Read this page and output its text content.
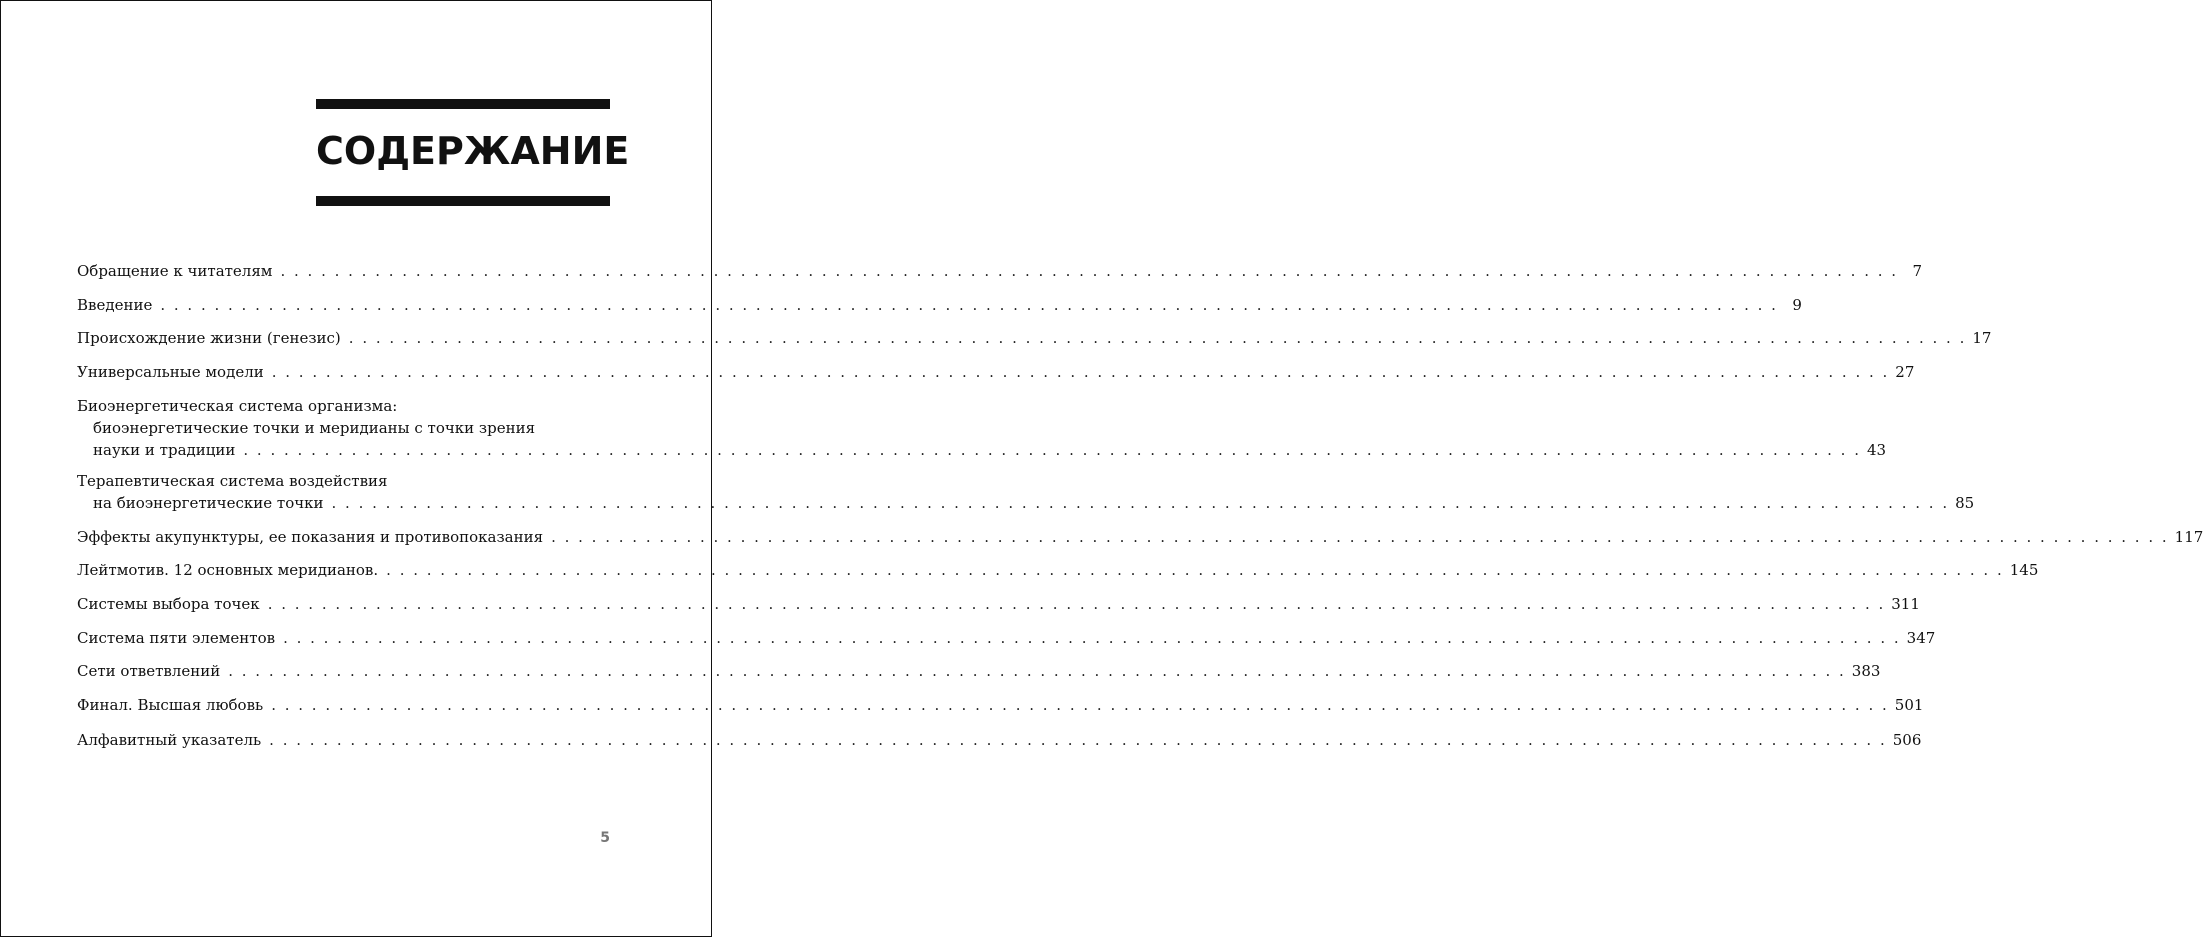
СОДЕРЖАНИЕ
Обращение к читателям . . . . . . . . . . . . . . . . . . . . . . . . . . . . . . . . . . . . . . . . . . . . . . . . . . . . . . . . . . . . . . . . . . . . . . . . . . . . . . . . . . . . . . . . . . . . . . . . . . . . . . . . . . . . . . . . . . . . . . . . 7
Введение . . . . . . . . . . . . . . . . . . . . . . . . . . . . . . . . . . . . . . . . . . . . . . . . . . . . . . . . . . . . . . . . . . . . . . . . . . . . . . . . . . . . . . . . . . . . . . . . . . . . . . . . . . . . . . . . . . . . . . . . 9
Происхождение жизни (генезис) . . . . . . . . . . . . . . . . . . . . . . . . . . . . . . . . . . . . . . . . . . . . . . . . . . . . . . . . . . . . . . . . . . . . . . . . . . . . . . . . . . . . . . . . . . . . . . . . . . . . . . . . . . . . . . . . . . . . . . . . 17
Универсальные модели . . . . . . . . . . . . . . . . . . . . . . . . . . . . . . . . . . . . . . . . . . . . . . . . . . . . . . . . . . . . . . . . . . . . . . . . . . . . . . . . . . . . . . . . . . . . . . . . . . . . . . . . . . . . . . . . . . . . . . . . 27
Биоэнергетическая система организма:
биоэнергетические точки и меридианы с точки зрения
науки и традиции . . . . . . . . . . . . . . . . . . . . . . . . . . . . . . . . . . . . . . . . . . . . . . . . . . . . . . . . . . . . . . . . . . . . . . . . . . . . . . . . . . . . . . . . . . . . . . . . . . . . . . . . . . . . . . . . . . . . . . . . 43
Терапевтическая система воздействия
на биоэнергетические точки . . . . . . . . . . . . . . . . . . . . . . . . . . . . . . . . . . . . . . . . . . . . . . . . . . . . . . . . . . . . . . . . . . . . . . . . . . . . . . . . . . . . . . . . . . . . . . . . . . . . . . . . . . . . . . . . . . . . . . . . 85
Эффекты акупунктуры, ее показания и противопоказания . . . . . . . . . . . . . . . . . . . . . . . . . . . . . . . . . . . . . . . . . . . . . . . . . . . . . . . . . . . . . . . . . . . . . . . . . . . . . . . . . . . . . . . . . . . . . . . . . . . . . . . . . . . . . . . . . . . . . . . . 117
Лейтмотив. 12 основных меридианов. . . . . . . . . . . . . . . . . . . . . . . . . . . . . . . . . . . . . . . . . . . . . . . . . . . . . . . . . . . . . . . . . . . . . . . . . . . . . . . . . . . . . . . . . . . . . . . . . . . . . . . . . . . . . . . . . . . . . . . . . 145
Системы выбора точек . . . . . . . . . . . . . . . . . . . . . . . . . . . . . . . . . . . . . . . . . . . . . . . . . . . . . . . . . . . . . . . . . . . . . . . . . . . . . . . . . . . . . . . . . . . . . . . . . . . . . . . . . . . . . . . . . . . . . . . . 311
Система пяти элементов . . . . . . . . . . . . . . . . . . . . . . . . . . . . . . . . . . . . . . . . . . . . . . . . . . . . . . . . . . . . . . . . . . . . . . . . . . . . . . . . . . . . . . . . . . . . . . . . . . . . . . . . . . . . . . . . . . . . . . . . 347
Сети ответвлений . . . . . . . . . . . . . . . . . . . . . . . . . . . . . . . . . . . . . . . . . . . . . . . . . . . . . . . . . . . . . . . . . . . . . . . . . . . . . . . . . . . . . . . . . . . . . . . . . . . . . . . . . . . . . . . . . . . . . . . . 383
Финал. Высшая любовь . . . . . . . . . . . . . . . . . . . . . . . . . . . . . . . . . . . . . . . . . . . . . . . . . . . . . . . . . . . . . . . . . . . . . . . . . . . . . . . . . . . . . . . . . . . . . . . . . . . . . . . . . . . . . . . . . . . . . . . . 501
Алфавитный указатель . . . . . . . . . . . . . . . . . . . . . . . . . . . . . . . . . . . . . . . . . . . . . . . . . . . . . . . . . . . . . . . . . . . . . . . . . . . . . . . . . . . . . . . . . . . . . . . . . . . . . . . . . . . . . . . . . . . . . . . . 506
5
